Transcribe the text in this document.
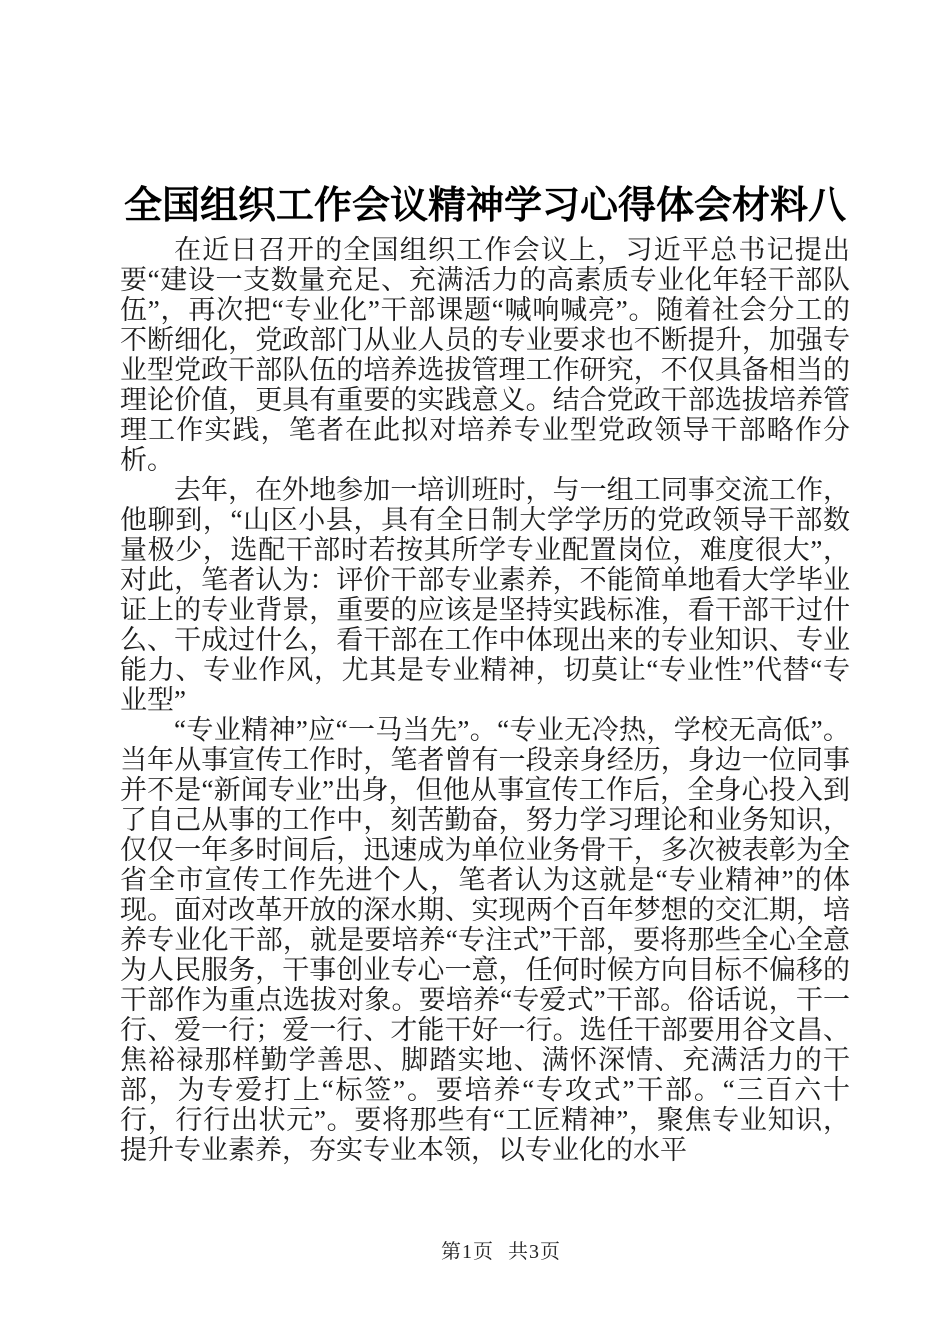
全国组织工作会议精神学习心得体会材料八

在近日召开的全国组织工作会议上，习近平总书记提出要“建设一支数量充足、充满活力的高素质专业化年轻干部队伍”，再次把“专业化”干部课题“喊响喊亮”。随着社会分工的不断细化，党政部门从业人员的专业要求也不断提升，加强专业型党政干部队伍的培养选拔管理工作研究，不仅具备相当的理论价值，更具有重要的实践意义。结合党政干部选拔培养管理工作实践，笔者在此拟对培养专业型党政领导干部略作分析。

去年，在外地参加一培训班时，与一组工同事交流工作，他聊到，“山区小县，具有全日制大学学历的党政领导干部数量极少，选配干部时若按其所学专业配置岗位，难度很大”，对此，笔者认为：评价干部专业素养，不能简单地看大学毕业证上的专业背景，重要的应该是坚持实践标准，看干部干过什么、干成过什么，看干部在工作中体现出来的专业知识、专业能力、专业作风，尤其是专业精神，切莫让“专业性”代替“专业型”

“专业精神”应“一马当先”。“专业无冷热，学校无高低”。当年从事宣传工作时，笔者曾有一段亲身经历，身边一位同事并不是“新闻专业”出身，但他从事宣传工作后，全身心投入到了自己从事的工作中，刻苦勤奋，努力学习理论和业务知识，仅仅一年多时间后，迅速成为单位业务骨干，多次被表彰为全省全市宣传工作先进个人，笔者认为这就是“专业精神”的体现。面对改革开放的深水期、实现两个百年梦想的交汇期，培养专业化干部，就是要培养“专注式”干部，要将那些全心全意为人民服务，干事创业专心一意，任何时候方向目标不偏移的干部作为重点选拔对象。要培养“专爱式”干部。俗话说，干一行、爱一行；爱一行、才能干好一行。选任干部要用谷文昌、焦裕禄那样勤学善思、脚踏实地、满怀深情、充满活力的干部，为专爱打上“标签”。要培养“专攻式”干部。“三百六十行，行行出状元”。要将那些有“工匠精神”，聚焦专业知识，提升专业素养，夯实专业本领，以专业化的水平

第1页 共3页
